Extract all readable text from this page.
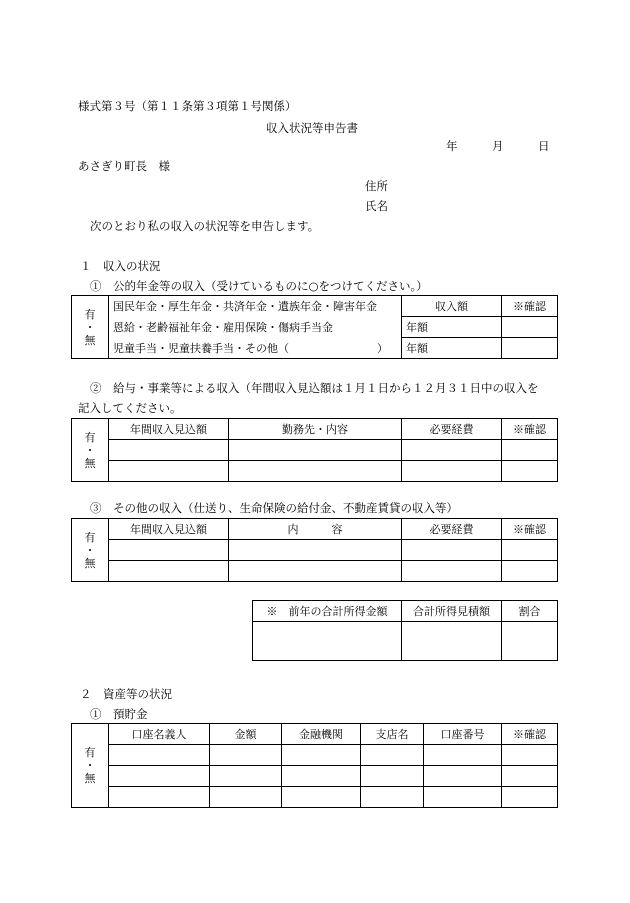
様式第３号（第１１条第３項第１号関係）
収入状況等申告書
年	月	日
あさぎり町長　様
住所
氏名
次のとおり私の収入の状況等を申告します。
１　収入の状況
①　公的年金等の収入（受けているものに○をつけてください。）
有
・
無	国民年金・厚生年金・共済年金・遺族年金・障害年金	収入額	※確認
	恩給・老齢福祉年金・雇用保険・傷病手当金	年額	
	児童手当・児童扶養手当・その他（　　　　　　　　）	年額	
②　給与・事業等による収入（年間収入見込額は１月１日から１２月３１日中の収入を
記入してください。
有
・
無	年間収入見込額	勤務先・内容	必要経費	※確認

③　その他の収入（仕送り、生命保険の給付金、不動産賃貸の収入等）
有
・
無	年間収入見込額	内　　　容	必要経費	※確認

※　前年の合計所得金額	合計所得見積額	割合

２　資産等の状況
①　預貯金
有
・
無	口座名義人	金額	金融機関	支店名	口座番号	※確認
